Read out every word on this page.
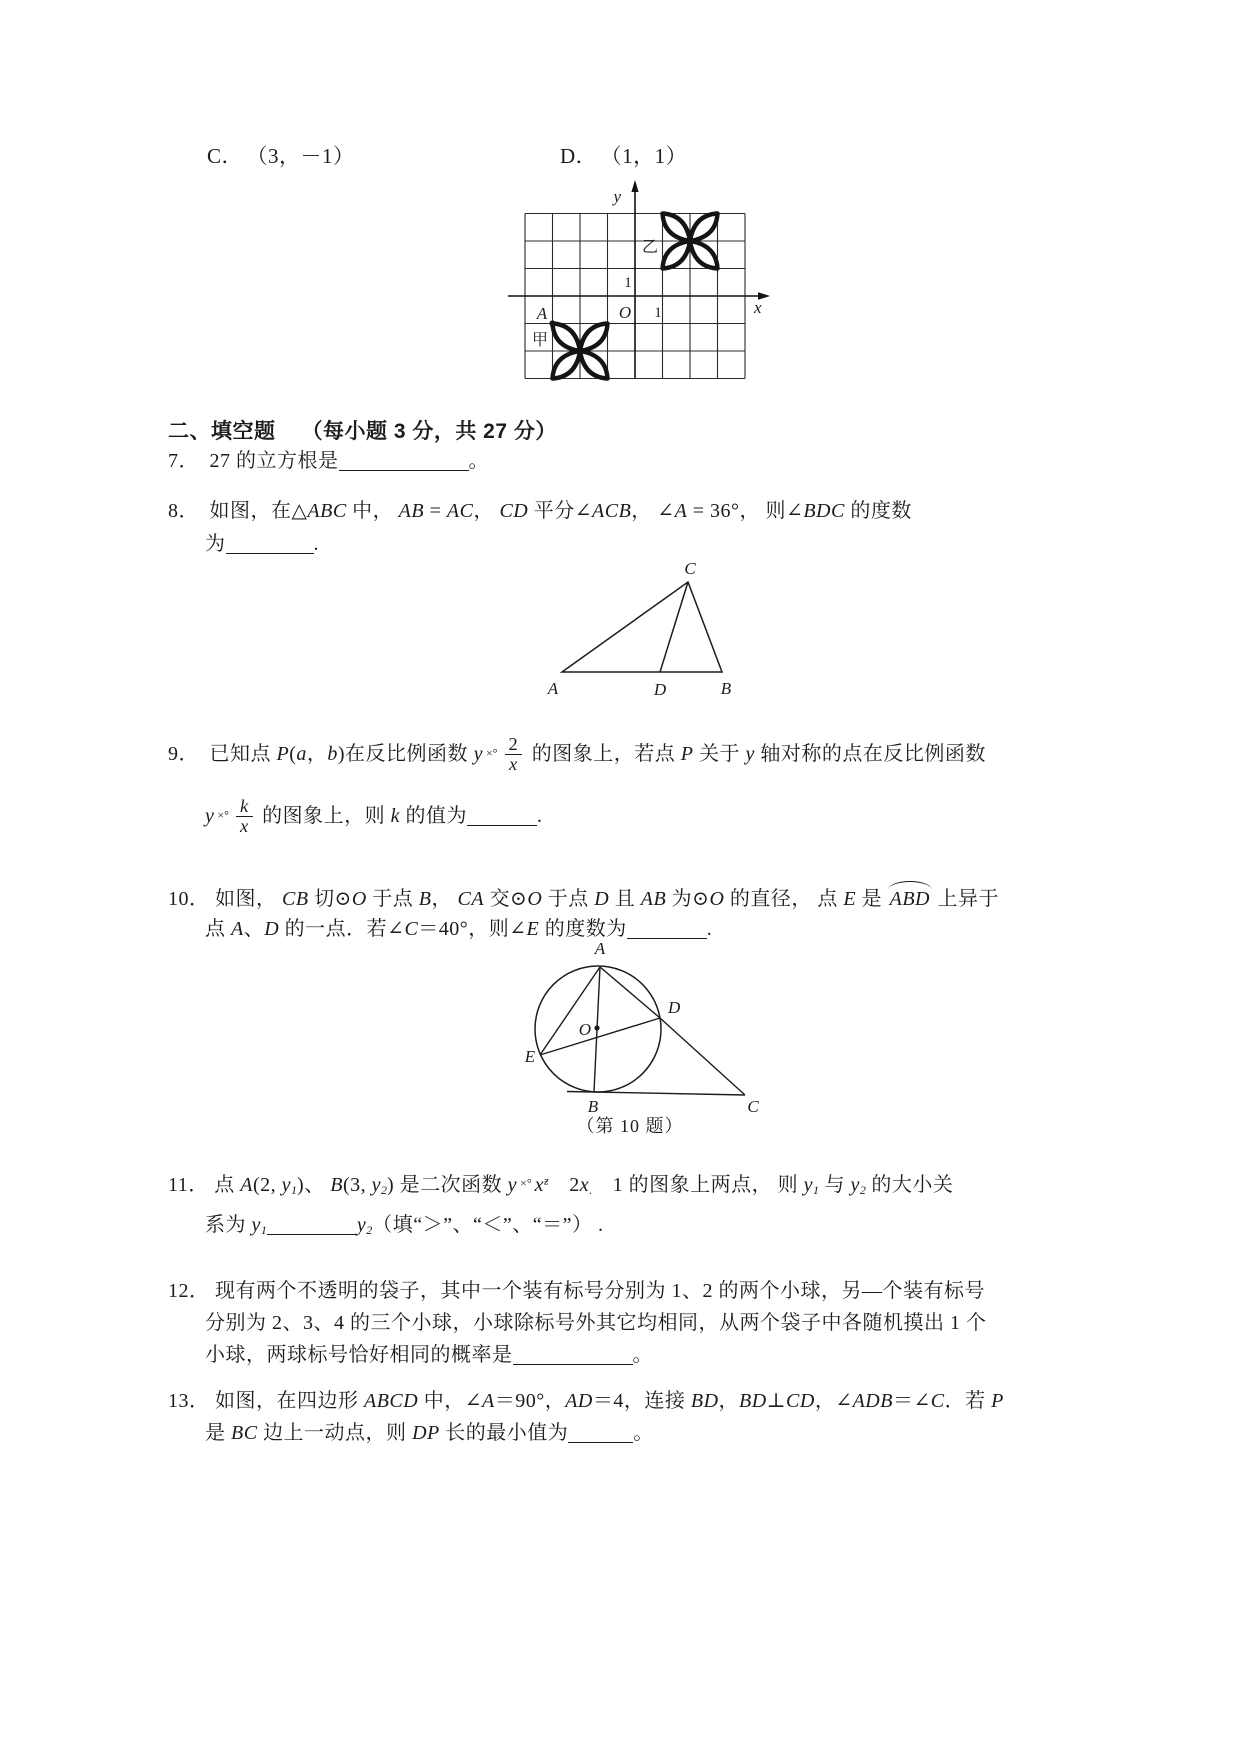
C． （3，－1）	D． （1，1）
y
x
O
1
1
乙
甲
A
二、填空题 （每小题 3 分，共 27 分）
7．　27 的立方根是	。
8．　如图，在△ABC 中， AB = AC， CD 平分∠ACB， ∠A = 36°， 则∠BDC 的度数
为	.
C
A	D	B
9．　已知点 P(a，b)在反比例函数 y ×° $\frac{2}{x}$ 的图象上，若点 P 关于 y 轴对称的点在反比例函数
y ×° $\frac{k}{x}$ 的图象上，则 k 的值为	.
10． 如图， CB 切⊙O 于点 B， CA 交⊙O 于点 D 且 AB 为⊙O 的直径， 点 E 是 ABD 上异于
点 A、D 的一点．若∠C＝40°，则∠E 的度数为	.
A
O
D
E
B	C
（第 10 题）
11． 点 A(2, $y_1$)、 B(3, $y_2$) 是二次函数 y ×° $x^ƶ$　$2x_.$　1 的图象上两点， 则 $y_1$ 与 $y_2$ 的大小关
系为 $y_1$	$y_2$（填“＞”、“＜”、“＝”） .
12． 现有两个不透明的袋子，其中一个装有标号分别为 1、2 的两个小球，另—个装有标号
分别为 2、3、4 的三个小球，小球除标号外其它均相同，从两个袋子中各随机摸出 1 个
小球，两球标号恰好相同的概率是	。
13． 如图，在四边形 ABCD 中，∠A＝90°，AD＝4，连接 BD，BD⊥CD，∠ADB＝∠C．若 P
是 BC 边上一动点，则 DP 长的最小值为	。
